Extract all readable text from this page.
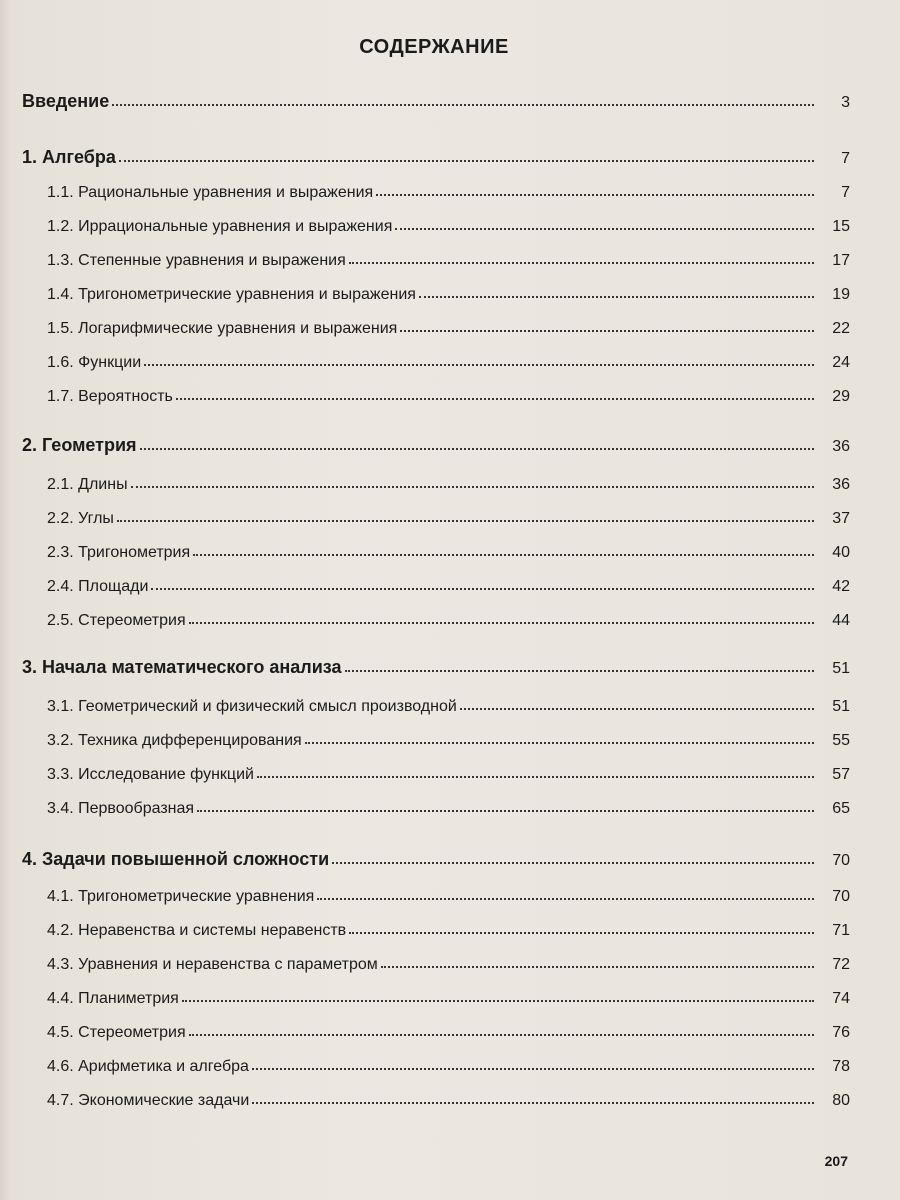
СОДЕРЖАНИЕ
Введение	3
1. Алгебра	7
1.1. Рациональные уравнения и выражения	7
1.2. Иррациональные уравнения и выражения	15
1.3. Степенные уравнения и выражения	17
1.4. Тригонометрические уравнения и выражения	19
1.5. Логарифмические уравнения и выражения	22
1.6. Функции	24
1.7. Вероятность	29
2. Геометрия	36
2.1. Длины	36
2.2. Углы	37
2.3. Тригонометрия	40
2.4. Площади	42
2.5. Стереометрия	44
3. Начала математического анализа	51
3.1. Геометрический и физический смысл производной	51
3.2. Техника дифференцирования	55
3.3. Исследование функций	57
3.4. Первообразная	65
4. Задачи повышенной сложности	70
4.1. Тригонометрические уравнения	70
4.2. Неравенства и системы неравенств	71
4.3. Уравнения и неравенства с параметром	72
4.4. Планиметрия	74
4.5. Стереометрия	76
4.6. Арифметика и алгебра	78
4.7. Экономические задачи	80
207
